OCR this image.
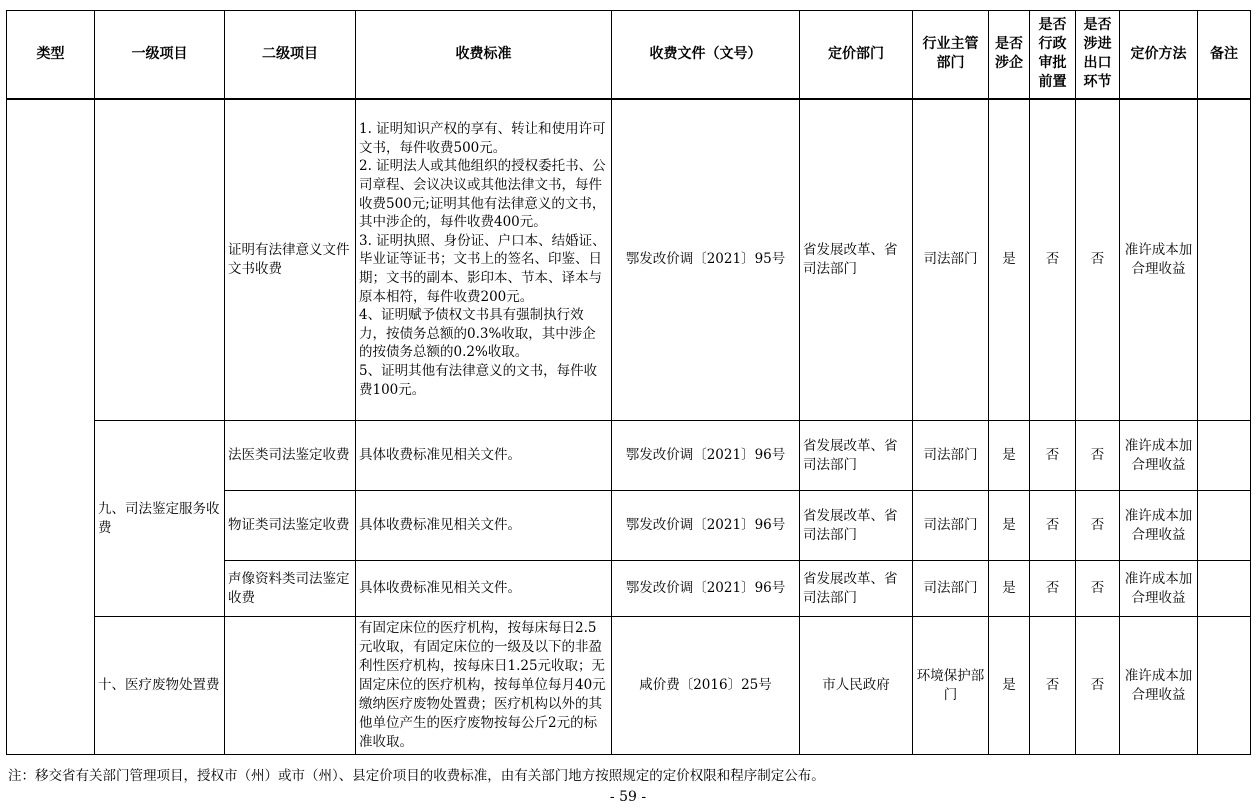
类型	一级项目	二级项目	收费标准	收费文件（文号）	定价部门	行业主管部门	是否涉企	是否行政审批前置	是否涉进出口环节	定价方法	备注
		证明有法律意义文件文书收费	1. 证明知识产权的享有、转让和使用许可文书，每件收费500元。
2. 证明法人或其他组织的授权委托书、公司章程、会议决议或其他法律文书，每件收费500元;证明其他有法律意义的文书，其中涉企的，每件收费400元。
3. 证明执照、身份证、户口本、结婚证、毕业证等证书；文书上的签名、印鉴、日期；文书的副本、影印本、节本、译本与原本相符，每件收费200元。
4、证明赋予债权文书具有强制执行效力，按债务总额的0.3%收取，其中涉企的按债务总额的0.2%收取。
5、证明其他有法律意义的文书，每件收费100元。	鄂发改价调〔2021〕95号	省发展改革、省司法部门	司法部门	是	否	否	准许成本加合理收益	
	九、司法鉴定服务收费	法医类司法鉴定收费	具体收费标准见相关文件。	鄂发改价调〔2021〕96号	省发展改革、省司法部门	司法部门	是	否	否	准许成本加合理收益	
		物证类司法鉴定收费	具体收费标准见相关文件。	鄂发改价调〔2021〕96号	省发展改革、省司法部门	司法部门	是	否	否	准许成本加合理收益	
		声像资料类司法鉴定收费	具体收费标准见相关文件。	鄂发改价调〔2021〕96号	省发展改革、省司法部门	司法部门	是	否	否	准许成本加合理收益	
	十、医疗废物处置费		有固定床位的医疗机构，按每床每日2.5元收取，有固定床位的一级及以下的非盈利性医疗机构，按每床日1.25元收取；无固定床位的医疗机构，按每单位每月40元缴纳医疗废物处置费；医疗机构以外的其他单位产生的医疗废物按每公斤2元的标准收取。	咸价费〔2016〕25号	市人民政府	环境保护部门	是	否	否	准许成本加合理收益	
注：移交省有关部门管理项目，授权市（州）或市（州）、县定价项目的收费标准，由有关部门地方按照规定的定价权限和程序制定公布。
- 59 -
